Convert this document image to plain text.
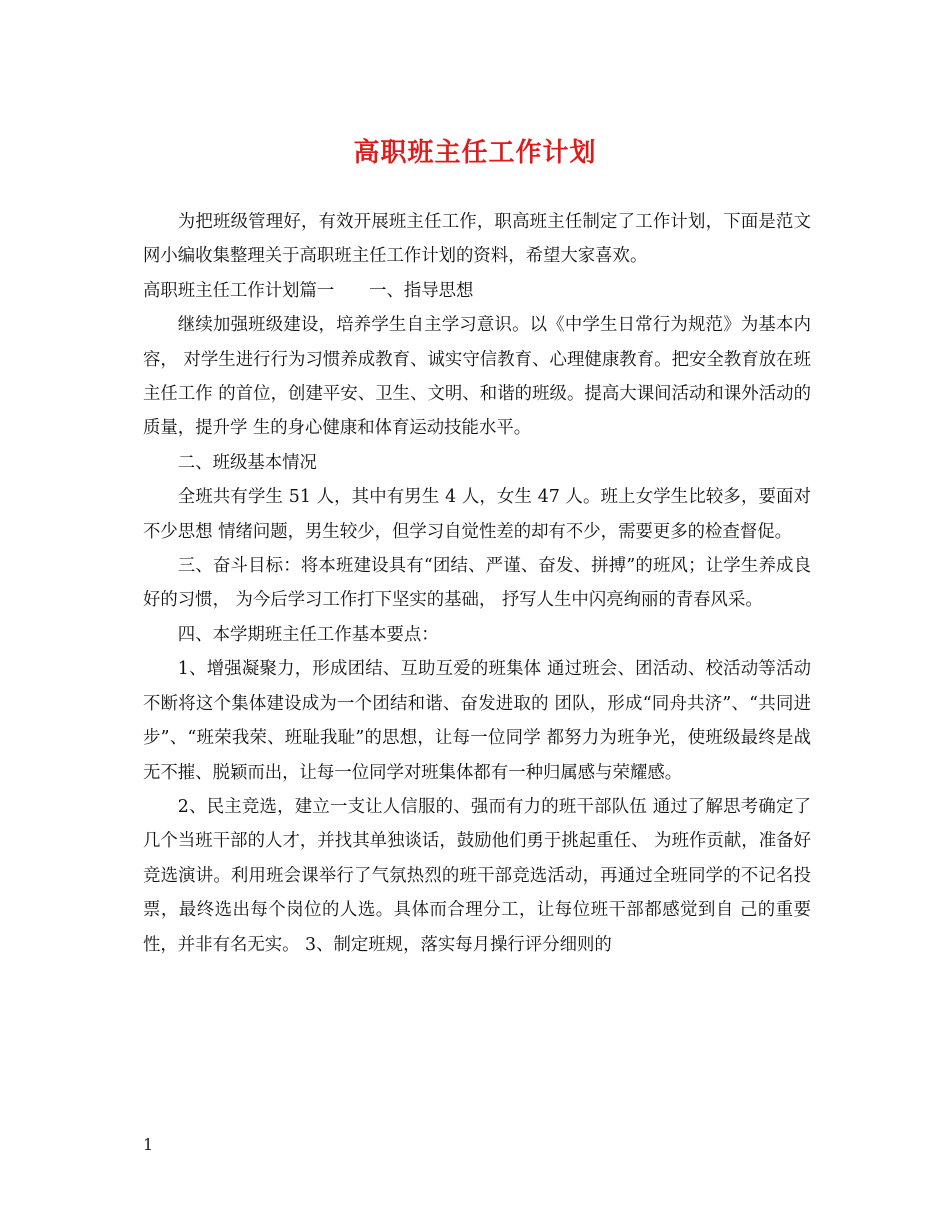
高职班主任工作计划

为把班级管理好，有效开展班主任工作，职高班主任制定了工作计划，下面是范文网小编收集整理关于高职班主任工作计划的资料，希望大家喜欢。

高职班主任工作计划篇一　　一、指导思想

继续加强班级建设，培养学生自主学习意识。以《中学生日常行为规范》为基本内容， 对学生进行行为习惯养成教育、诚实守信教育、心理健康教育。把安全教育放在班主任工作 的首位，创建平安、卫生、文明、和谐的班级。提高大课间活动和课外活动的质量，提升学 生的身心健康和体育运动技能水平。

二、班级基本情况

全班共有学生 51 人，其中有男生 4 人，女生 47 人。班上女学生比较多，要面对不少思想 情绪问题，男生较少，但学习自觉性差的却有不少，需要更多的检查督促。

三、奋斗目标：将本班建设具有“团结、严谨、奋发、拼搏”的班风；让学生养成良好的习惯， 为今后学习工作打下坚实的基础， 抒写人生中闪亮绚丽的青春风采。

四、本学期班主任工作基本要点：

1、增强凝聚力，形成团结、互助互爱的班集体 通过班会、团活动、校活动等活动不断将这个集体建设成为一个团结和谐、奋发进取的 团队，形成“同舟共济”、“共同进步”、“班荣我荣、班耻我耻”的思想，让每一位同学 都努力为班争光，使班级最终是战无不摧、脱颖而出，让每一位同学对班集体都有一种归属感与荣耀感。

2、民主竞选，建立一支让人信服的、强而有力的班干部队伍 通过了解思考确定了几个当班干部的人才，并找其单独谈话，鼓励他们勇于挑起重任、 为班作贡献，准备好竞选演讲。利用班会课举行了气氛热烈的班干部竞选活动，再通过全班同学的不记名投票，最终选出每个岗位的人选。具体而合理分工，让每位班干部都感觉到自 己的重要性，并非有名无实。 3、制定班规，落实每月操行评分细则的

1
